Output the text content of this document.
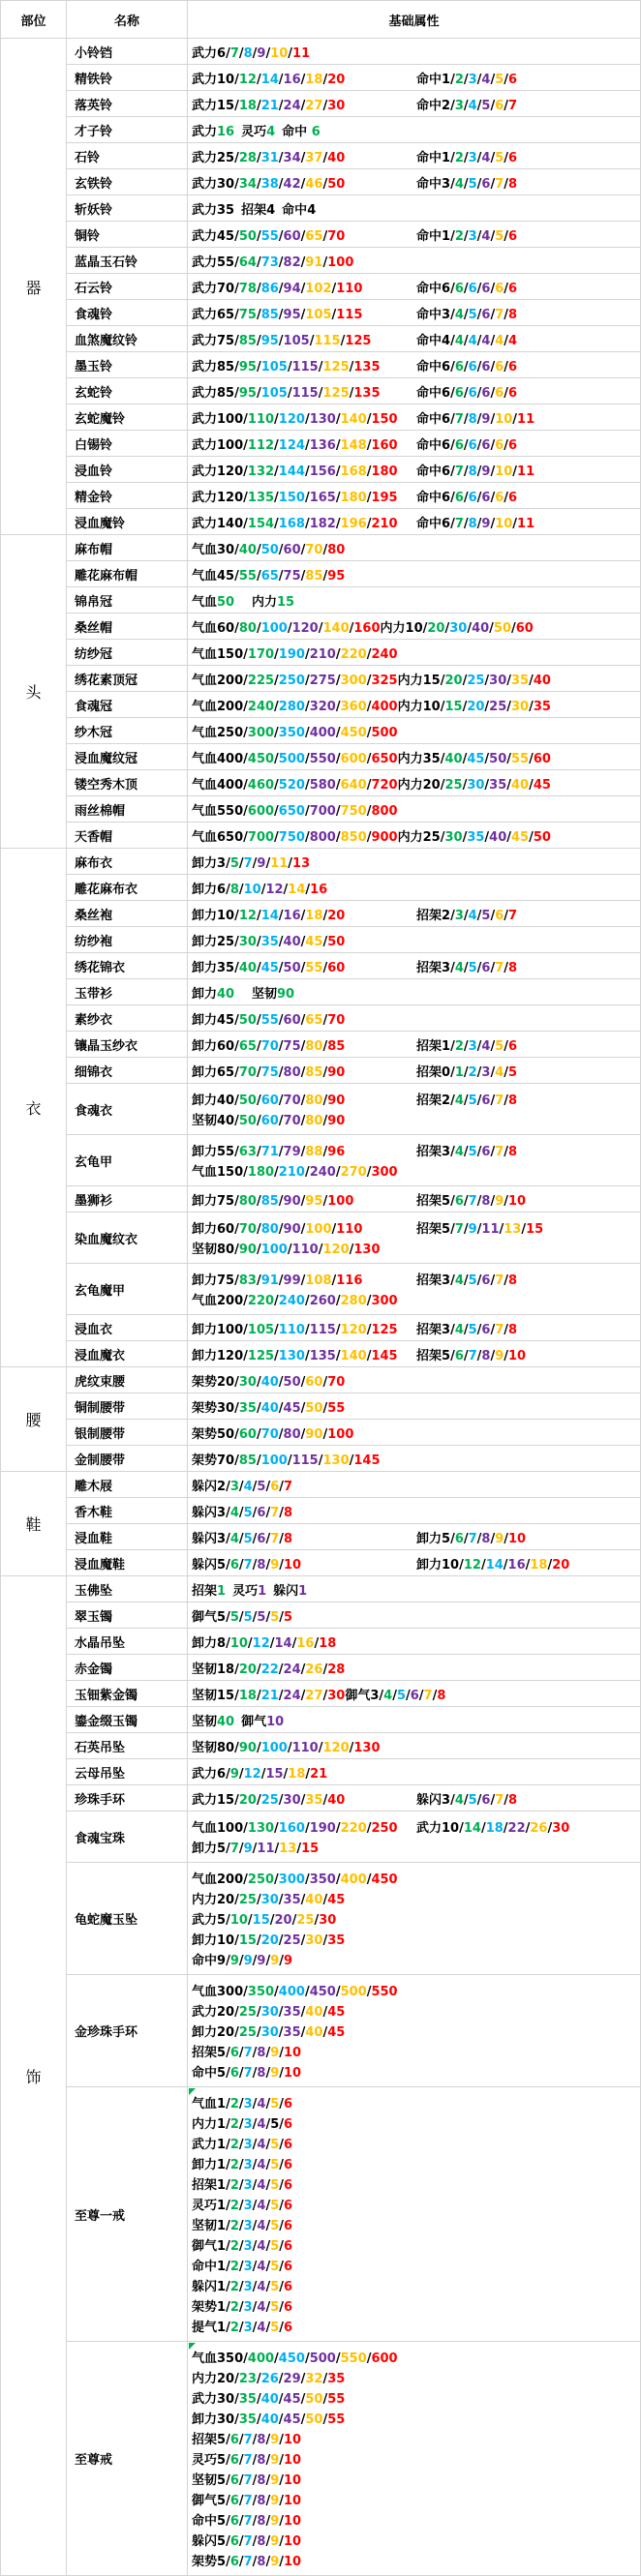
部位	名称	基础属性
器
小铃铛	武力6/7/8/9/10/11
精铁铃	武力10/12/14/16/18/20	命中1/2/3/4/5/6
落英铃	武力15/18/21/24/27/30	命中2/3/4/5/6/7
才子铃	武力16 灵巧4 命中 6
石铃	武力25/28/31/34/37/40	命中1/2/3/4/5/6
玄铁铃	武力30/34/38/42/46/50	命中3/4/5/6/7/8
斩妖铃	武力35 招架4 命中4
铜铃	武力45/50/55/60/65/70	命中1/2/3/4/5/6
蓝晶玉石铃	武力55/64/73/82/91/100
石云铃	武力70/78/86/94/102/110	命中6/6/6/6/6/6
食魂铃	武力65/75/85/95/105/115	命中3/4/5/6/7/8
血煞魔纹铃	武力75/85/95/105/115/125	命中4/4/4/4/4/4
墨玉铃	武力85/95/105/115/125/135	命中6/6/6/6/6/6
玄蛇铃	武力85/95/105/115/125/135	命中6/6/6/6/6/6
玄蛇魔铃	武力100/110/120/130/140/150	命中6/7/8/9/10/11
白锡铃	武力100/112/124/136/148/160	命中6/6/6/6/6/6
浸血铃	武力120/132/144/156/168/180	命中6/7/8/9/10/11
精金铃	武力120/135/150/165/180/195	命中6/6/6/6/6/6
浸血魔铃	武力140/154/168/182/196/210	命中6/7/8/9/10/11
头
麻布帽	气血30/40/50/60/70/80
雕花麻布帽	气血45/55/65/75/85/95
锦帛冠	气血50	内力15
桑丝帽	气血60/80/100/120/140/160 内力10/20/30/40/50/60
纺纱冠	气血150/170/190/210/220/240
绣花素顶冠	气血200/225/250/275/300/325 内力15/20/25/30/35/40
食魂冠	气血200/240/280/320/360/400 内力10/15/20/25/30/35
纱木冠	气血250/300/350/400/450/500
浸血魔纹冠	气血400/450/500/550/600/650 内力35/40/45/50/55/60
镂空秀木顶	气血400/460/520/580/640/720 内力20/25/30/35/40/45
雨丝棉帽	气血550/600/650/700/750/800
天香帽	气血650/700/750/800/850/900 内力25/30/35/40/45/50
衣
麻布衣	卸力3/5/7/9/11/13
雕花麻布衣	卸力6/8/10/12/14/16
桑丝袍	卸力10/12/14/16/18/20	招架2/3/4/5/6/7
纺纱袍	卸力25/30/35/40/45/50
绣花锦衣	卸力35/40/45/50/55/60	招架3/4/5/6/7/8
玉带衫	卸力40	坚韧90
素纱衣	卸力45/50/55/60/65/70
镶晶玉纱衣	卸力60/65/70/75/80/85	招架1/2/3/4/5/6
细锦衣	卸力65/70/75/80/85/90	招架0/1/2/3/4/5
食魂衣
卸力40/50/60/70/80/90	招架2/4/5/6/7/8
坚韧40/50/60/70/80/90
玄龟甲
卸力55/63/71/79/88/96	招架3/4/5/6/7/8
气血150/180/210/240/270/300
墨狮衫	卸力75/80/85/90/95/100	招架5/6/7/8/9/10
染血魔纹衣
卸力60/70/80/90/100/110	招架5/7/9/11/13/15
坚韧80/90/100/110/120/130
玄龟魔甲
卸力75/83/91/99/108/116	招架3/4/5/6/7/8
气血200/220/240/260/280/300
浸血衣	卸力100/105/110/115/120/125	招架3/4/5/6/7/8
浸血魔衣	卸力120/125/130/135/140/145	招架5/6/7/8/9/10
腰
虎纹束腰	架势20/30/40/50/60/70
铜制腰带	架势30/35/40/45/50/55
银制腰带	架势50/60/70/80/90/100
金制腰带	架势70/85/100/115/130/145
鞋
雕木屐	躲闪2/3/4/5/6/7
香木鞋	躲闪3/4/5/6/7/8
浸血鞋	躲闪3/4/5/6/7/8	卸力5/6/7/8/9/10
浸血魔鞋	躲闪5/6/7/8/9/10	卸力10/12/14/16/18/20
饰
玉佛坠	招架1 灵巧1 躲闪1
翠玉镯	御气5/5/5/5/5/5
水晶吊坠	卸力8/10/12/14/16/18
赤金镯	坚韧18/20/22/24/26/28
玉钿紫金镯	坚韧15/18/21/24/27/30 御气3/4/5/6/7/8
鎏金缀玉镯	坚韧40 御气10
石英吊坠	坚韧80/90/100/110/120/130
云母吊坠	武力6/9/12/15/18/21
珍珠手环	武力15/20/25/30/35/40	躲闪3/4/5/6/7/8
食魂宝珠
气血100/130/160/190/220/250	武力10/14/18/22/26/30
卸力5/7/9/11/13/15
龟蛇魔玉坠
气血200/250/300/350/400/450
内力20/25/30/35/40/45
武力5/10/15/20/25/30
卸力10/15/20/25/30/35
命中9/9/9/9/9/9
金珍珠手环
气血300/350/400/450/500/550
武力20/25/30/35/40/45
卸力20/25/30/35/40/45
招架5/6/7/8/9/10
命中5/6/7/8/9/10
至尊一戒
气血1/2/3/4/5/6
内力1/2/3/4/5/6
武力1/2/3/4/5/6
卸力1/2/3/4/5/6
招架1/2/3/4/5/6
灵巧1/2/3/4/5/6
坚韧1/2/3/4/5/6
御气1/2/3/4/5/6
命中1/2/3/4/5/6
躲闪1/2/3/4/5/6
架势1/2/3/4/5/6
提气1/2/3/4/5/6
至尊戒
气血350/400/450/500/550/600
内力20/23/26/29/32/35
武力30/35/40/45/50/55
卸力30/35/40/45/50/55
招架5/6/7/8/9/10
灵巧5/6/7/8/9/10
坚韧5/6/7/8/9/10
御气5/6/7/8/9/10
命中5/6/7/8/9/10
躲闪5/6/7/8/9/10
架势5/6/7/8/9/10
